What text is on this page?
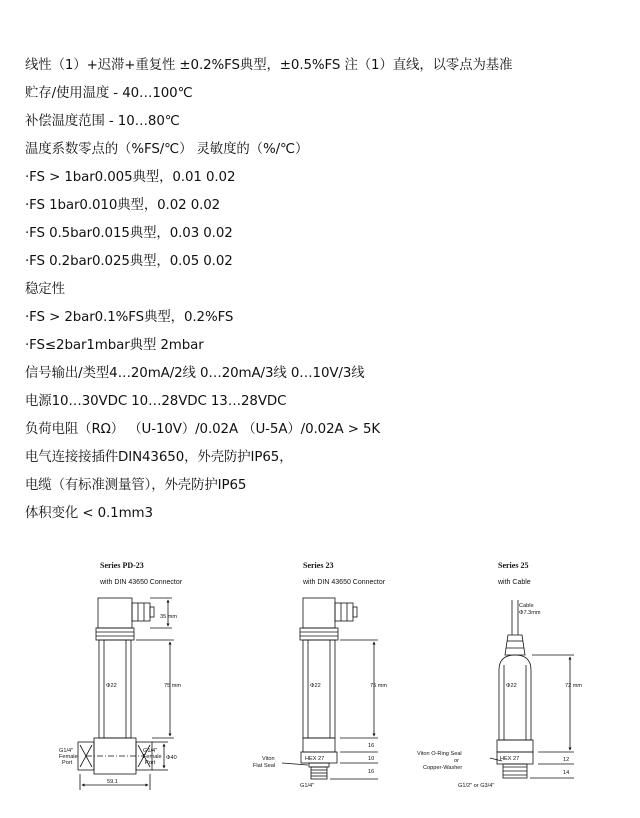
线性（1）+迟滞+重复性 ±0.2%FS典型，±0.5%FS 注（1）直线，以零点为基准
贮存/使用温度 - 40…100℃
补偿温度范围 - 10…80℃
温度系数零点的（%FS/℃） 灵敏度的（%/℃）
·FS > 1bar0.005典型，0.01 0.02
·FS 1bar0.010典型，0.02 0.02
·FS 0.5bar0.015典型，0.03 0.02
·FS 0.2bar0.025典型，0.05 0.02
稳定性
·FS > 2bar0.1%FS典型，0.2%FS
·FS≤2bar1mbar典型 2mbar
信号输出/类型4…20mA/2线 0…20mA/3线 0…10V/3线
电源10…30VDC 10…28VDC 13…28VDC
负荷电阻（RΩ） （U-10V）/0.02A （U-5A）/0.02A > 5K
电气连接接插件DIN43650，外壳防护IP65，
电缆（有标准测量管），外壳防护IP65
体积变化 < 0.1mm3
Series PD-23
with DIN 43650 Connector
Φ22
35 mm
75 mm
Φ40
G1/4"
Female
Port
G1/4"
Female
Port
59.1
Series 23
with DIN 43650 Connector
Φ22
HEX 27
75 mm
16
10
16
Viton
Flat Seal
G1/4"
Series 25
with Cable
Cable
Φ7.3mm
Φ22
HEX 27
72 mm
12
14
Viton O-Ring Seal
or
Copper-Washer
G1/2" or G3/4"
